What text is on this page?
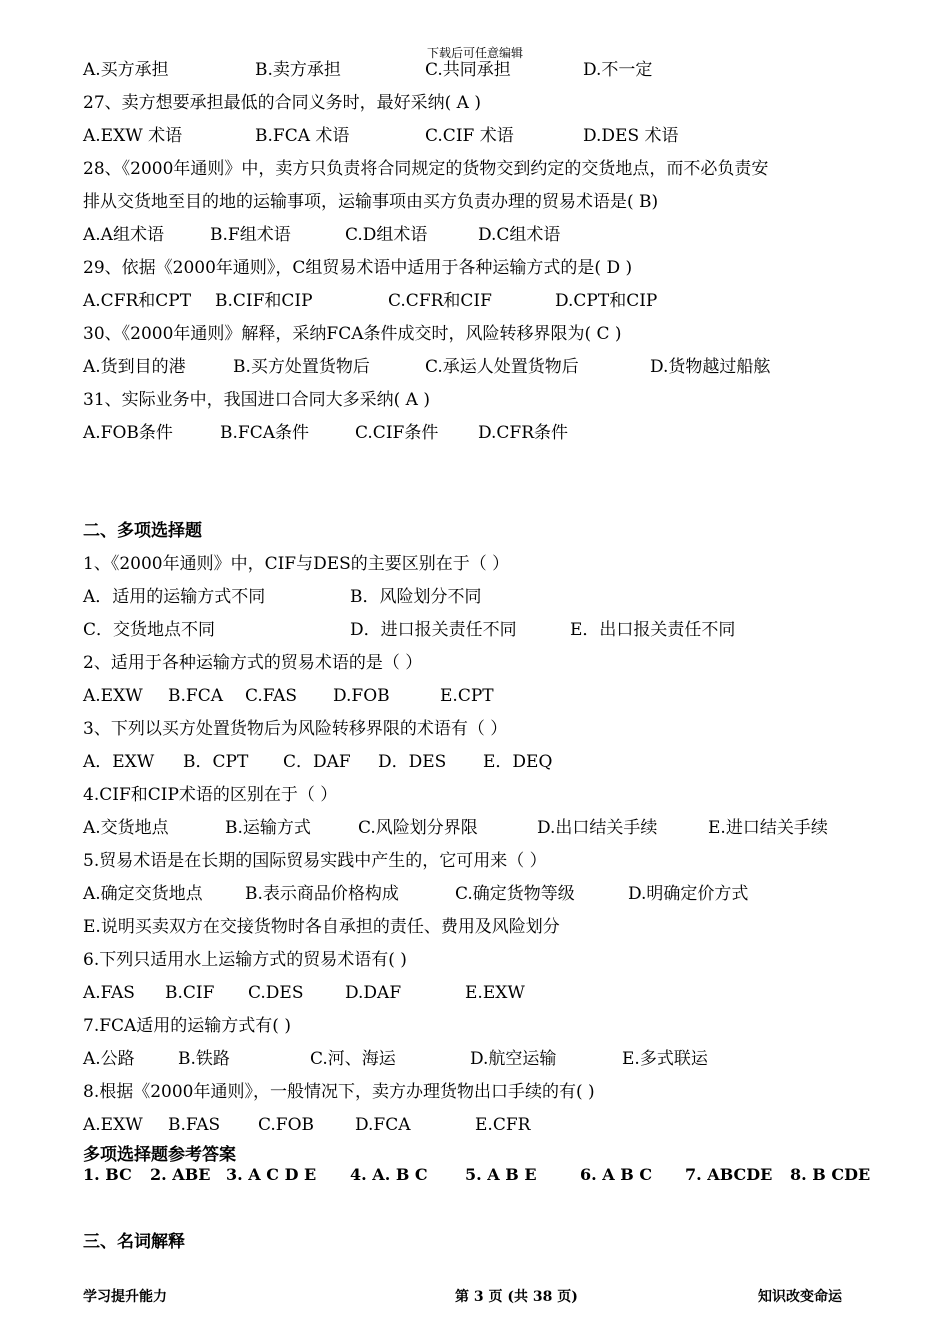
下载后可任意编辑
A.买方承担	B.卖方承担	C.共同承担	D.不一定
27、卖方想要承担最低的合同义务时，最好采纳( A )
A.EXW 术语	B.FCA 术语	C.CIF 术语	D.DES 术语
28、《2000年通则》中，卖方只负责将合同规定的货物交到约定的交货地点，而不必负责安
排从交货地至目的地的运输事项，运输事项由买方负责办理的贸易术语是( B)
A.A组术语	B.F组术语	C.D组术语	D.C组术语
29、依据《2000年通则》，C组贸易术语中适用于各种运输方式的是( D )
A.CFR和CPT B.CIF和CIP	C.CFR和CIF	D.CPT和CIP
30、《2000年通则》解释，采纳FCA条件成交时，风险转移界限为( C )
A.货到目的港	B.买方处置货物后	C.承运人处置货物后	D.货物越过船舷
31、实际业务中，我国进口合同大多采纳( A )
A.FOB条件	B.FCA条件	C.CIF条件 D.CFR条件
1、《2000年通则》中，CIF与DES的主要区别在于（ ）
A．适用的运输方式不同	B．风险划分不同
C．交货地点不同	D．进口报关责任不同	E．出口报关责任不同
2、适用于各种运输方式的贸易术语的是（ ）
A.EXW B.FCA C.FAS D.FOB	E.CPT
3、下列以买方处置货物后为风险转移界限的术语有（ ）
A．EXW B．CPT C．DAF D．DES E．DEQ
4.CIF和CIP术语的区别在于（ ）
A.交货地点	B.运输方式	C.风险划分界限	D.出口结关手续	E.进口结关手续
5.贸易术语是在长期的国际贸易实践中产生的，它可用来（ ）
A.确定交货地点 B.表示商品价格构成	C.确定货物等级	D.明确定价方式
E.说明买卖双方在交接货物时各自承担的责任、费用及风险划分
6.下列只适用水上运输方式的贸易术语有( )
A.FAS B.CIF C.DES D.DAF	E.EXW
7.FCA适用的运输方式有( )
A.公路	B.铁路	C.河、海运	D.航空运输	E.多式联运
8.根据《2000年通则》，一般情况下，卖方办理货物出口手续的有( )
A.EXW B.FAS C.FOB D.FCA	E.CFR
二、多项选择题
多项选择题参考答案
1. BC 2. ABE 3. A C D E 4. A. B C 5. A B E	6. A B C 7. ABCDE 8. B CDE
三、名词解释
学习提升能力	第 3 页 (共 38 页)	知识改变命运
